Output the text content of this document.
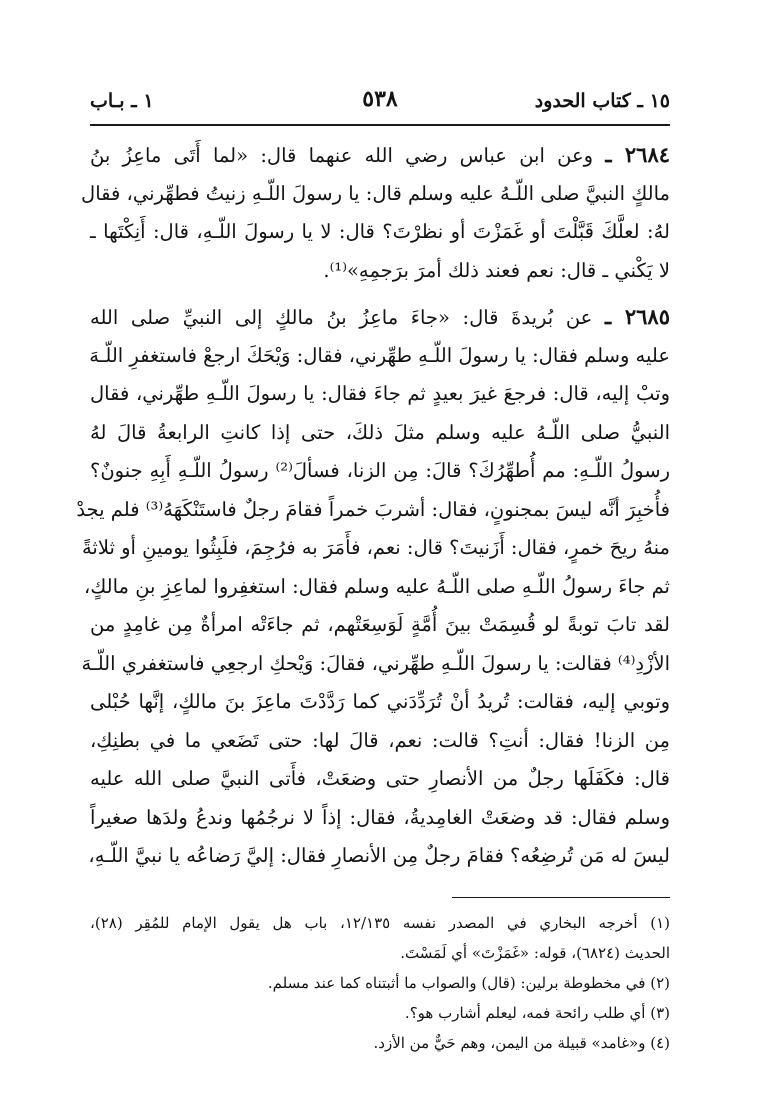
١٥ ـ كتاب الحدود
٥٣٨
١ ـ بـاب
٢٦٨٤ ـ وعن ابن عباس رضي الله عنهما قال: «لما أَتَى ماعِزُ بنُ
مالكٍ النبيَّ صلى اللّـهُ عليه وسلم قال: يا رسولَ اللّـهِ زنيتُ فطهِّرني، فقال
لهُ: لعلَّكَ قَبَّلْتَ أو غَمَزْتَ أو نظرْتَ؟ قال: لا يا رسولَ اللّـهِ، قال: أَنِكْتَها ـ
لا يَكْني ـ قال: نعم فعند ذلك أمرَ برَجمِهِ»⁽¹⁾.
٢٦٨٥ ـ عن بُريدةَ قال: «جاءَ ماعِزُ بنُ مالكٍ إلى النبيِّ صلى الله
عليه وسلم فقال: يا رسولَ اللّـهِ طهِّرني، فقال: وَيْحَكَ ارجعْ فاستغفرِ اللّـهَ
وتبْ إليه، قال: فرجعَ غيرَ بعيدٍ ثم جاءَ فقال: يا رسولَ اللّـهِ طهِّرني، فقال
النبيُّ صلى اللّـهُ عليه وسلم مثلَ ذلكَ، حتى إذا كانتِ الرابعةُ قالَ لهُ
رسولُ اللّـهِ: مم أُطهِّرُكَ؟ قالَ: مِن الزنا، فسألَ⁽²⁾ رسولُ اللّـهِ أَبِهِ جنونٌ؟
فأُخبِرَ أنَّه ليسَ بمجنونٍ، فقال: أشربَ خمراً فقامَ رجلٌ فاستَنْكَهَهُ⁽³⁾ فلم يجدْ
منهُ ريحَ خمرٍ، فقال: أَزَنيتَ؟ قال: نعم، فأَمَرَ به فرُجِمَ، فلَبِثُوا يومينِ أو ثلاثةً
ثم جاءَ رسولُ اللّـهِ صلى اللّـهُ عليه وسلم فقال: استغفِروا لماعِزِ بنِ مالكٍ،
لقد تابَ توبةً لو قُسِمَتْ بينَ أُمَّةٍ لَوَسِعَتْهم، ثم جاءَتْه امرأةٌ مِن غامِدٍ من
الأزْدِ⁽⁴⁾ فقالت: يا رسولَ اللّـهِ طهِّرني، فقالَ: وَيْحكِ ارجعِي فاستغفري اللّـهَ
وتوبي إليه، فقالت: تُريدُ أنْ تُرَدِّدَني كما رَدَّدْتَ ماعِزَ بنَ مالكٍ، إنَّها حُبْلى
مِن الزنا! فقال: أنتِ؟ قالت: نعم، قالَ لها: حتى تَضَعي ما في بطنِكِ،
قال: فكَفَلَها رجلٌ من الأنصارِ حتى وضعَتْ، فأَتى النبيَّ صلى الله عليه
وسلم فقال: قد وضعَتْ الغامِديةُ، فقال: إذاً لا نرجُمُها وندعُ ولدَها صغيراً
ليسَ له مَن تُرضِعُه؟ فقامَ رجلٌ مِن الأنصارِ فقال: إليَّ رَضاعُه يا نبيَّ اللّـهِ،
(١) أخرجه البخاري في المصدر نفسه ١٢/١٣٥، باب هل يقول الإمام للمُقِر (٢٨)،
الحديث (٦٨٢٤)، قوله: «غَمَزْتَ» أي لَمَسْتَ.
(٢) في مخطوطة برلين: (قال) والصواب ما أثبتناه كما عند مسلم.
(٣) أي طلب رائحة فمه، ليعلم أشارب هو؟.
(٤) و«غامد» قبيلة من اليمن، وهم حَيٌّ من الأزد.
